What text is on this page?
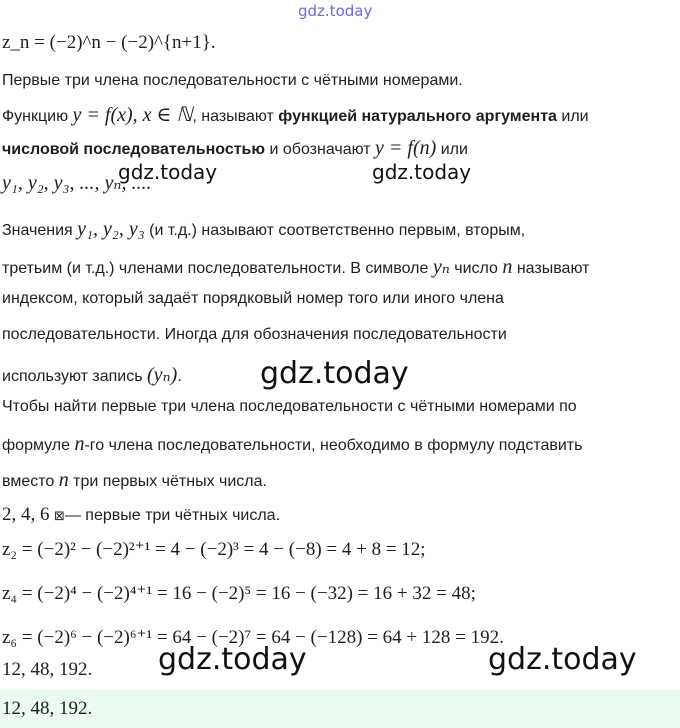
gdz.today
gdz.today	gdz.today
gdz.today
gdz.today	gdz.today
z_n = (−2)^n − (−2)^{n+1}.
Первые три члена последовательности с чётными номерами.
Функцию y = f(x), x ∈ ℕ, называют функцией натурального аргумента или
числовой последовательностью и обозначают y = f(n) или
y₁, y₂, y₃, ..., yₙ, ....
Значения y₁, y₂, y₃ (и т.д.) называют соответственно первым, вторым,
третьим (и т.д.) членами последовательности. В символе yₙ число n называют
индексом, который задаёт порядковый номер того или иного члена
последовательности. Иногда для обозначения последовательности
используют запись (yₙ).
Чтобы найти первые три члена последовательности с чётными номерами по
формуле n-го члена последовательности, необходимо в формулу подставить
вместо n три первых чётных числа.
2, 4, 6 ⊠— первые три чётных числа.
z₂ = (−2)² − (−2)²⁺¹ = 4 − (−2)³ = 4 − (−8) = 4 + 8 = 12;
z₄ = (−2)⁴ − (−2)⁴⁺¹ = 16 − (−2)⁵ = 16 − (−32) = 16 + 32 = 48;
z₆ = (−2)⁶ − (−2)⁶⁺¹ = 64 − (−2)⁷ = 64 − (−128) = 64 + 128 = 192.
12, 48, 192.
12, 48, 192.
